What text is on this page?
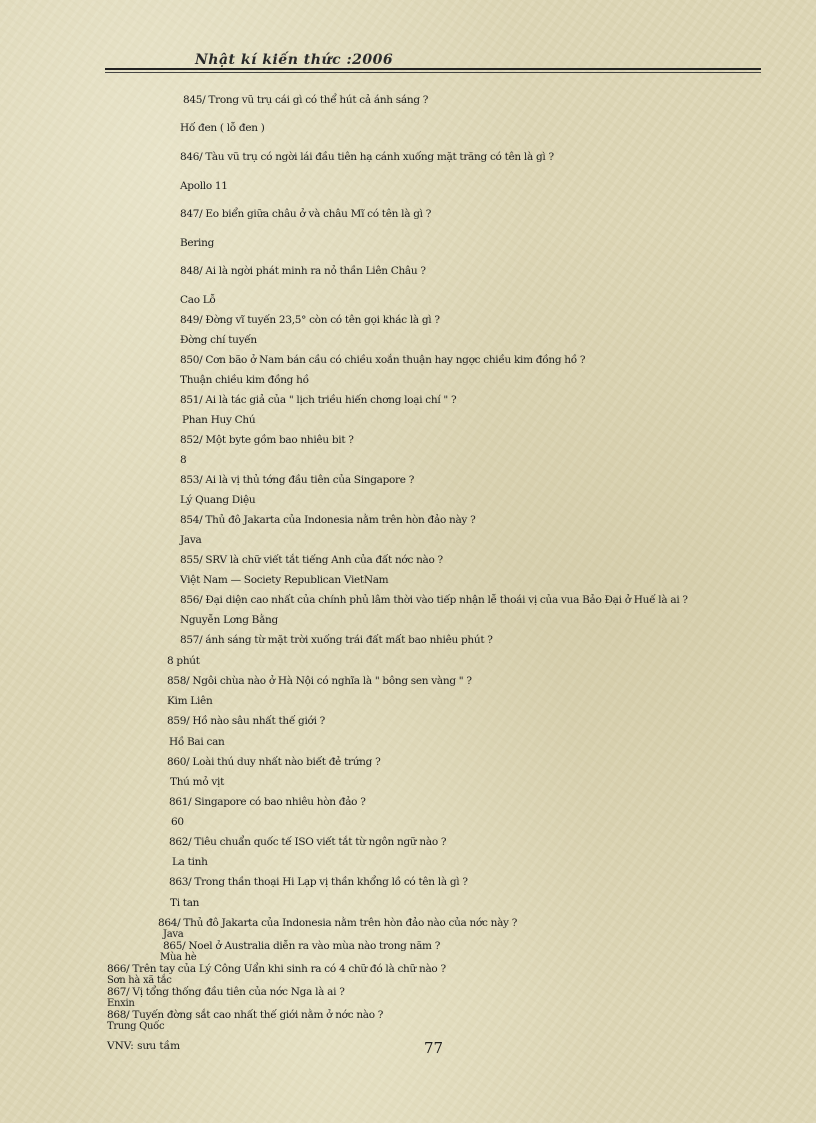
Nhật kí kiến thức :2006
845/ Trong vũ trụ cái gì có thể hút cả ánh sáng ?
Hố đen ( lỗ đen )
846/ Tàu vũ trụ có ngời lái đầu tiên hạ cánh xuống mặt trăng có tên là gì ?
Apollo 11
847/ Eo biển giữa châu ở và châu Mĩ có tên là gì ?
Bering
848/ Ai là ngời phát minh ra nỏ thần Liên Châu ?
Cao Lỗ
849/ Đờng vĩ tuyến 23,5° còn có tên gọi khác là gì ?
Đờng chí tuyến
850/ Cơn bão ở Nam bán cầu có chiều xoắn thuận hay ngợc chiều kim đồng hồ ?
Thuận chiều kim đồng hồ
851/ Ai là tác giả của " lịch triều hiến chơng loại chí " ?
Phan Huy Chú
852/ Một byte gồm bao nhiêu bit ?
8
853/ Ai là vị thủ tớng đầu tiên của Singapore ?
Lý Quang Diệu
854/ Thủ đô Jakarta của Indonesia nằm trên hòn đảo này ?
Java
855/ SRV là chữ viết tắt tiếng Anh của đất nớc nào ?
Việt Nam — Society Republican VietNam
856/ Đại diện cao nhất của chính phủ lâm thời vào tiếp nhận lễ thoái vị của vua Bảo Đại ở Huế là ai ?
Nguyễn Lơng Bằng
857/ ánh sáng từ mặt trời xuống trái đất mất bao nhiêu phút ?
8 phút
858/ Ngôi chùa nào ở Hà Nội có nghĩa là " bông sen vàng " ?
Kim Liên
859/ Hồ nào sâu nhất thế giới ?
Hồ Bai can
860/ Loài thú duy nhất nào biết đẻ trứng ?
Thú mỏ vịt
861/ Singapore có bao nhiêu hòn đảo ?
60
862/ Tiêu chuẩn quốc tế ISO viết tắt từ ngôn ngữ nào ?
La tinh
863/ Trong thần thoại Hi Lạp vị thần khổng lồ có tên là gì ?
Ti tan
864/ Thủ đô Jakarta của Indonesia nằm trên hòn đảo nào của nớc này ?
Java
865/ Noel ở Australia diễn ra vào mùa nào trong năm ?
Mùa hè
866/ Trên tay của Lý Công Uẩn khi sinh ra có 4 chữ đó là chữ nào ?
Sơn hà xã tắc
867/ Vị tổng thống đầu tiên của nớc Nga là ai ?
Enxin
868/ Tuyến đờng sắt cao nhất thế giới nằm ở nớc nào ?
Trung Quốc
VNV: sưu tầm	77
